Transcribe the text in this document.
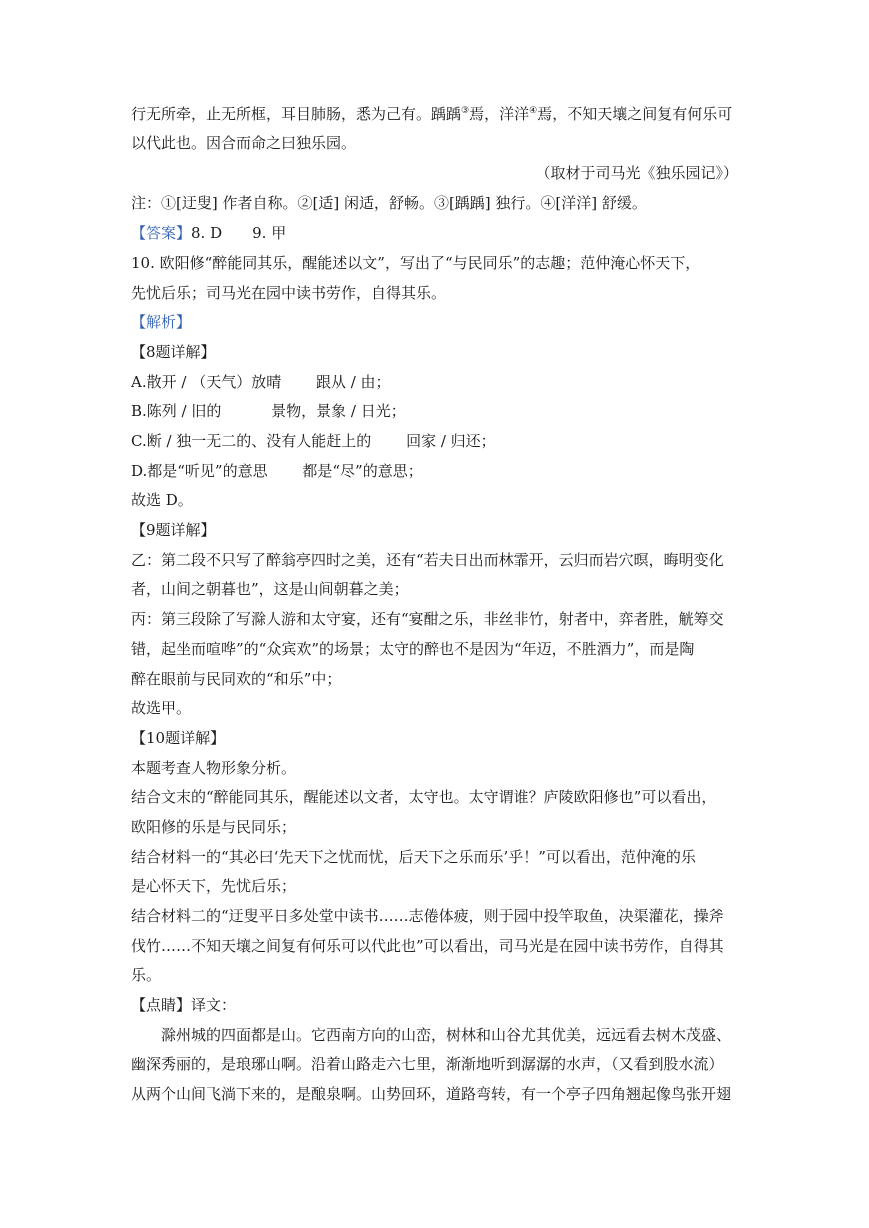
行无所牵，止无所框，耳目肺肠，悉为己有。踽踽③焉，洋洋④焉，不知天壤之间复有何乐可
以代此也。因合而命之曰独乐园。
（取材于司马光《独乐园记》）
注：①[迂叟] 作者自称。②[适] 闲适，舒畅。③[踽踽] 独行。④[洋洋] 舒缓。
【答案】8. D　　9. 甲
10. 欧阳修“醉能同其乐，醒能述以文”，写出了“与民同乐”的志趣；范仲淹心怀天下，
先忧后乐；司马光在园中读书劳作，自得其乐。
【解析】
【8题详解】
A.散开 / （天气）放晴　　 跟从 / 由；
B.陈列 / 旧的　　　 景物，景象 / 日光；
C.断 / 独一无二的、没有人能赶上的　　 回家 / 归还；
D.都是“听见”的意思　　 都是“尽”的意思；
故选 D。
【9题详解】
乙：第二段不只写了醉翁亭四时之美，还有“若夫日出而林霏开，云归而岩穴暝，晦明变化
者，山间之朝暮也”，这是山间朝暮之美；
丙：第三段除了写滁人游和太守宴，还有“宴酣之乐，非丝非竹，射者中，弈者胜，觥筹交
错，起坐而喧哗”的“众宾欢”的场景；太守的醉也不是因为“年迈，不胜酒力”，而是陶
醉在眼前与民同欢的“和乐”中；
故选甲。
【10题详解】
本题考查人物形象分析。
结合文末的“醉能同其乐，醒能述以文者，太守也。太守谓谁？庐陵欧阳修也”可以看出，
欧阳修的乐是与民同乐；
结合材料一的“其必曰‘先天下之忧而忧，后天下之乐而乐’乎！”可以看出，范仲淹的乐
是心怀天下，先忧后乐；
结合材料二的“迂叟平日多处堂中读书……志倦体疲，则于园中投竿取鱼，决渠灌花，操斧
伐竹……不知天壤之间复有何乐可以代此也”可以看出，司马光是在园中读书劳作，自得其
乐。
【点睛】译文：
滁州城的四面都是山。它西南方向的山峦，树林和山谷尤其优美，远远看去树木茂盛、
幽深秀丽的，是琅琊山啊。沿着山路走六七里，渐渐地听到潺潺的水声，（又看到股水流）
从两个山间飞淌下来的，是酿泉啊。山势回环，道路弯转，有一个亭子四角翘起像鸟张开翅
